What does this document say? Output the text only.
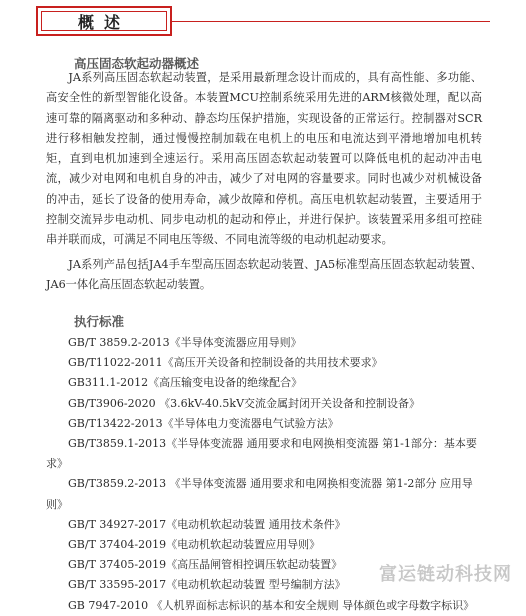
概述
高压固态软起动器概述

JA系列高压固态软起动装置，是采用最新理念设计而成的，具有高性能、多功能、高安全性的新型智能化设备。本装置MCU控制系统采用先进的ARM核微处理，配以高速可靠的隔离驱动和多种动、静态均压保护措施，实现设备的正常运行。控制器对SCR进行移相触发控制，通过慢慢控制加载在电机上的电压和电流达到平滑地增加电机转矩，直到电机加速到全速运行。采用高压固态软起动装置可以降低电机的起动冲击电流，减少对电网和电机自身的冲击，减少了对电网的容量要求。同时也减少对机械设备的冲击，延长了设备的使用寿命，减少故障和停机。高压电机软起动装置，主要适用于控制交流异步电动机、同步电动机的起动和停止，并进行保护。该装置采用多组可控硅串并联而成，可满足不同电压等级、不同电流等级的电动机起动要求。

JA系列产品包括JA4手车型高压固态软起动装置、JA5标准型高压固态软起动装置、JA6一体化高压固态软起动装置。

执行标准
GB/T 3859.2-2013《半导体变流器应用导则》
GB/T11022-2011《高压开关设备和控制设备的共用技术要求》
GB311.1-2012《高压输变电设备的绝缘配合》
GB/T3906-2020 《3.6kV-40.5kV交流金属封闭开关设备和控制设备》
GB/T13422-2013《半导体电力变流器电气试验方法》
GB/T3859.1-2013《半导体变流器 通用要求和电网换相变流器 第1-1部分：基本要求》
GB/T3859.2-2013 《半导体变流器 通用要求和电网换相变流器 第1-2部分 应用导则》
GB/T 34927-2017《电动机软起动装置 通用技术条件》
GB/T 37404-2019《电动机软起动装置应用导则》
GB/T 37405-2019《高压晶闸管相控调压软起动装置》
GB/T 33595-2017《电动机软起动装置 型号编制方法》
GB 7947-2010 《人机界面标志标识的基本和安全规则 导体颜色或字母数字标识》
富运链动科技网
